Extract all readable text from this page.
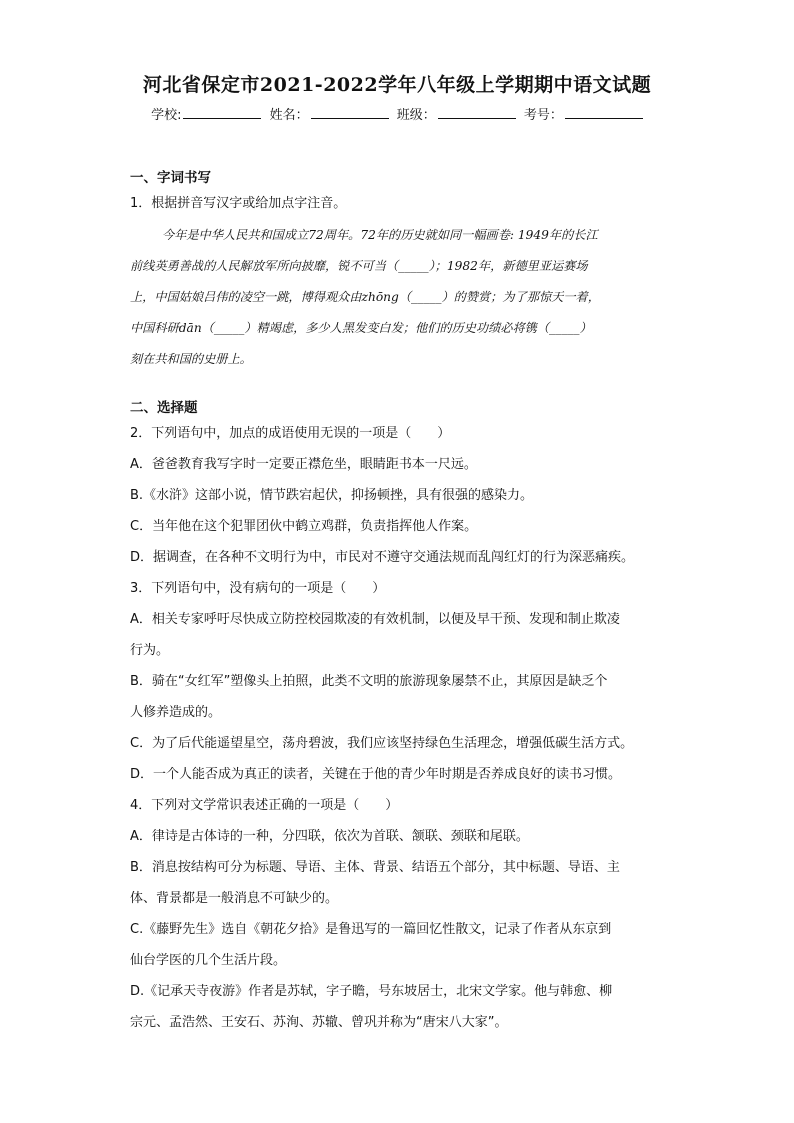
河北省保定市2021-2022学年八年级上学期期中语文试题
学校:	姓名：	班级：	考号：
一、字词书写
1．根据拼音写汉字或给加点字注音。
今年是中华人民共和国成立72周年。72年的历史就如同一幅画卷: 1949年的长江
前线英勇善战的人民解放军所向披靡，锐不可当（_____）；1982年，新德里亚运赛场
上，中国姑娘吕伟的凌空一跳，博得观众由zhōng（_____）的赞赏；为了那惊天一着，
中国科研dān（_____）精竭虑，多少人黑发变白发；他们的历史功绩必将镌（_____）
刻在共和国的史册上。
二、选择题
2．下列语句中，加点的成语使用无误的一项是（　　）
A．爸爸教育我写字时一定要正襟危坐，眼睛距书本一尺远。
B.《水浒》这部小说，情节跌宕起伏，抑扬顿挫，具有很强的感染力。
C．当年他在这个犯罪团伙中鹤立鸡群，负责指挥他人作案。
D．据调查，在各种不文明行为中，市民对不遵守交通法规而乱闯红灯的行为深恶痛疾。
3．下列语句中，没有病句的一项是（　　）
A．相关专家呼吁尽快成立防控校园欺凌的有效机制，以便及早干预、发现和制止欺凌
行为。
B．骑在“女红军”塑像头上拍照，此类不文明的旅游现象屡禁不止，其原因是缺乏个
人修养造成的。
C．为了后代能遥望星空，荡舟碧波，我们应该坚持绿色生活理念，增强低碳生活方式。
D．一个人能否成为真正的读者，关键在于他的青少年时期是否养成良好的读书习惯。
4．下列对文学常识表述正确的一项是（　　）
A．律诗是古体诗的一种，分四联，依次为首联、颔联、颈联和尾联。
B．消息按结构可分为标题、导语、主体、背景、结语五个部分，其中标题、导语、主
体、背景都是一般消息不可缺少的。
C.《藤野先生》选自《朝花夕拾》是鲁迅写的一篇回忆性散文，记录了作者从东京到
仙台学医的几个生活片段。
D.《记承天寺夜游》作者是苏轼，字子瞻，号东坡居士，北宋文学家。他与韩愈、柳
宗元、孟浩然、王安石、苏洵、苏辙、曾巩并称为“唐宋八大家”。
